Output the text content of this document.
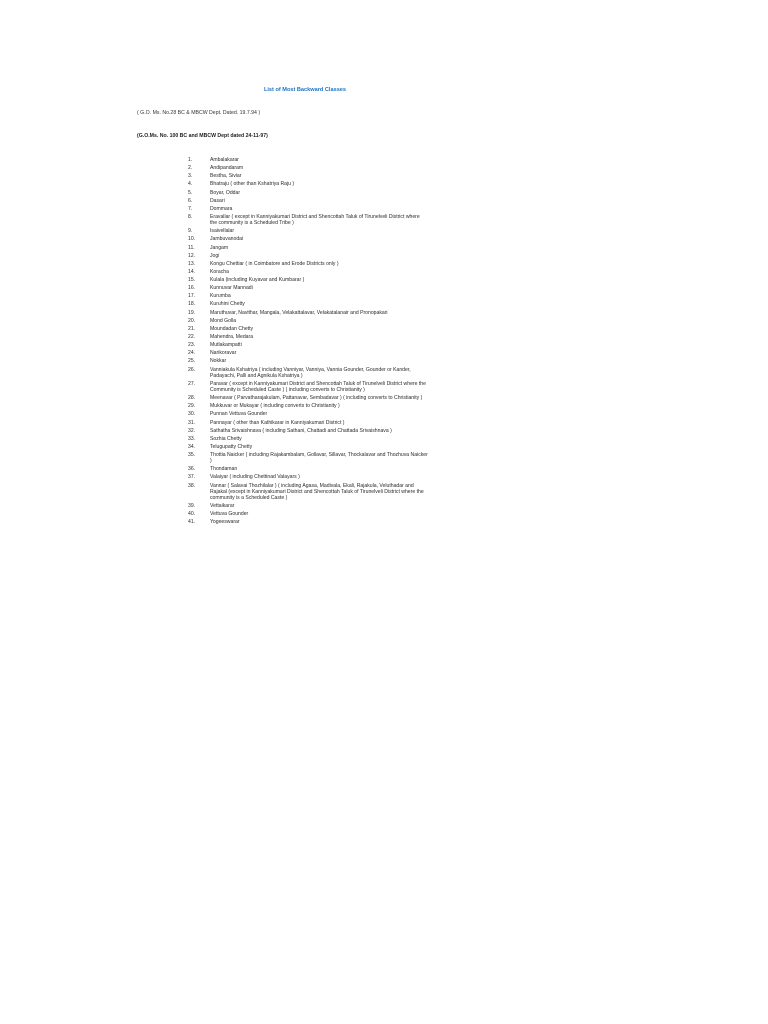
List of Most Backward Classes
( G.O. Ms. No.28 BC & MBCW Dept. Dated. 19.7.94 )
(G.O.Ms. No. 100 BC and MBCW Dept dated 24-11-97)
1.	Ambalakarar
2.	Andipandaram
3.	Bestha, Siviar
4.	Bhatraju ( other than Kshatriya Raju )
5.	Boyar, Oddar
6.	Dasari
7.	Dommara
8.	Eravallar ( except in Kanniyakumari District and Shencottah Taluk of Tirunelveli District where the community is a Scheduled Tribe )
9.	Isaivellalar
10.	Jambuvanodai
11.	Jangam
12.	Jogi
13.	Kongu Chettiar ( in Coimbatore and Erode Districts only )
14.	Koracha
15.	Kulala (including Kuyavar and Kumbarar )
16.	Kunnuvar Mannadi
17.	Kurumba
18.	Kuruhini Chetty
19.	Maruthuvar, Navithar, Mangala, Velakattalavar, Velakatalanair and Pronopakari
20.	Mond Golla
21.	Moundadan Chetty
22.	Mahendra, Medara
23.	Mutlakampatti
24.	Narikoravar
25.	Nokkar
26.	Vanniakula Kshatriya ( including Vanniyar, Vanniya, Vannia Gounder, Gounder or Kander, Padayachi, Palli and Agnikula Kshatriya )
27.	Paravar ( except in Kanniyakumari District and Shencottah Taluk of Tirunelveli District where the Community is Scheduled Caste ) ( including converts to Christianity )
28.	Meenavar ( Parvatharajakulam, Pattanavar, Sembadavar ) ( including converts to Christianity )
29.	Mukkuvar or Mukayar ( including converts to Christianity )
30.	Punnan Vettuva Gounder
31.	Pannayar ( other than Kathikarar in Kanniyakumari District )
32.	Sathatha Srivaishnava ( including Sathani, Chattadi and Chattada Srivaishnava )
33.	Sozhia Chetty
34.	Telugupatty Chetty
35.	Thottia Naicker ( including Rajakambalam, Gollavar, Sillavar, Thockalavar and Thozhuva Naicker )
36.	Thondaman
37.	Valaiyar ( including Chettinad Valayars )
38.	Vannar ( Salavai Thozhilalar ) ( including Agasa, Madivala, Ekali, Rajakula, Veluthadar and Rajakal (except in Kanniyakumari District and Shencottah Taluk of Tirunelveli District where the community is a Scheduled Caste )
39.	Vettaikarar
40.	Vettuva Gounder
41.	Yogeeswarar
